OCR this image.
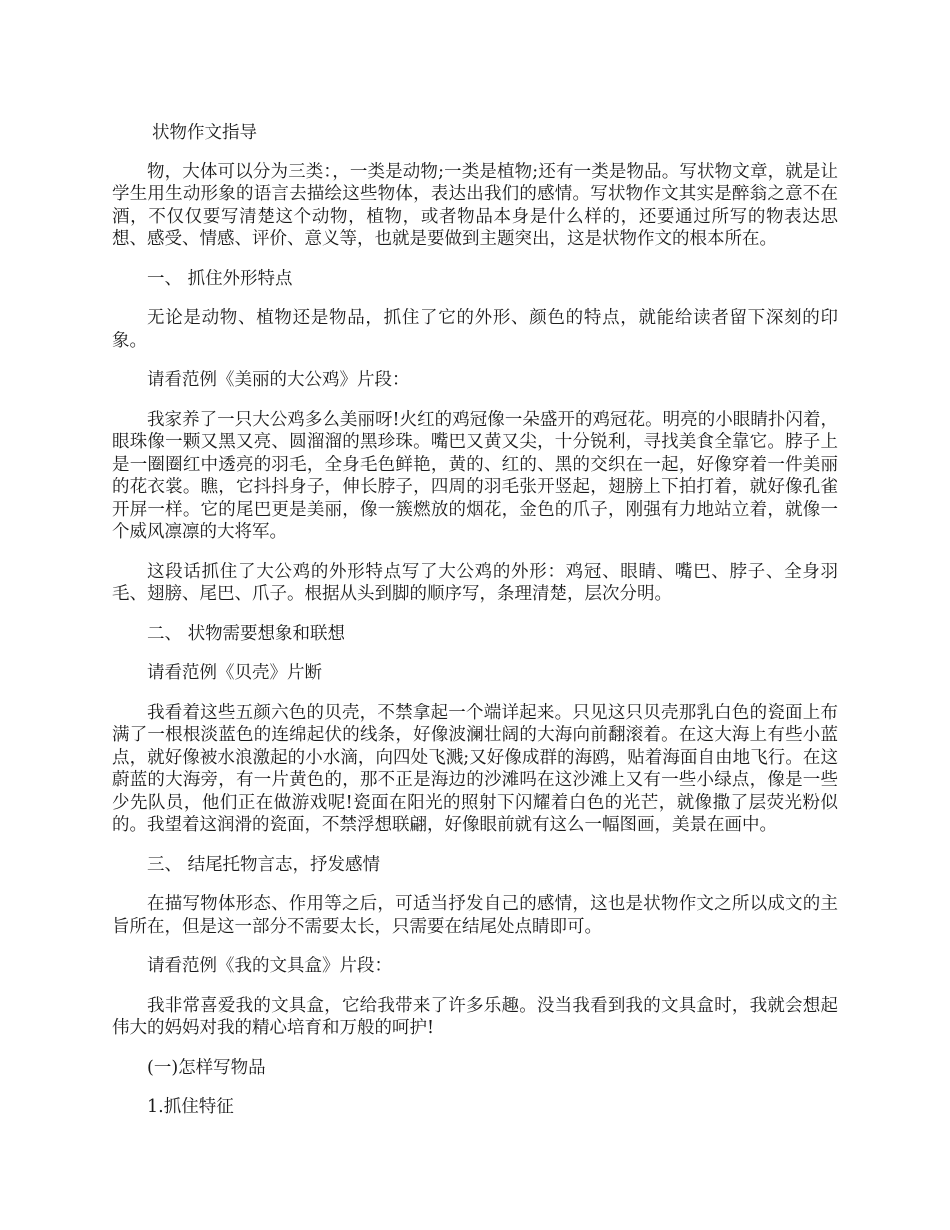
状物作文指导

物，大体可以分为三类：，一类是动物;一类是植物;还有一类是物品。写状物文章，就是让学生用生动形象的语言去描绘这些物体，表达出我们的感情。写状物作文其实是醉翁之意不在酒，不仅仅要写清楚这个动物，植物，或者物品本身是什么样的，还要通过所写的物表达思想、感受、情感、评价、意义等，也就是要做到主题突出，这是状物作文的根本所在。

一、 抓住外形特点

无论是动物、植物还是物品，抓住了它的外形、颜色的特点，就能给读者留下深刻的印象。

请看范例《美丽的大公鸡》片段：

我家养了一只大公鸡多么美丽呀!火红的鸡冠像一朵盛开的鸡冠花。明亮的小眼睛扑闪着，眼珠像一颗又黑又亮、圆溜溜的黑珍珠。嘴巴又黄又尖，十分锐利，寻找美食全靠它。脖子上是一圈圈红中透亮的羽毛，全身毛色鲜艳，黄的、红的、黑的交织在一起，好像穿着一件美丽的花衣裳。瞧，它抖抖身子，伸长脖子，四周的羽毛张开竖起，翅膀上下拍打着，就好像孔雀开屏一样。它的尾巴更是美丽，像一簇燃放的烟花，金色的爪子，刚强有力地站立着，就像一个威风凛凛的大将军。

这段话抓住了大公鸡的外形特点写了大公鸡的外形：鸡冠、眼睛、嘴巴、脖子、全身羽毛、翅膀、尾巴、爪子。根据从头到脚的顺序写，条理清楚，层次分明。

二、 状物需要想象和联想

请看范例《贝壳》片断

我看着这些五颜六色的贝壳，不禁拿起一个端详起来。只见这只贝壳那乳白色的瓷面上布满了一根根淡蓝色的连绵起伏的线条，好像波澜壮阔的大海向前翻滚着。在这大海上有些小蓝点，就好像被水浪激起的小水滴，向四处飞溅;又好像成群的海鸥，贴着海面自由地飞行。在这蔚蓝的大海旁，有一片黄色的，那不正是海边的沙滩吗在这沙滩上又有一些小绿点，像是一些少先队员，他们正在做游戏呢!瓷面在阳光的照射下闪耀着白色的光芒，就像撒了层荧光粉似的。我望着这润滑的瓷面，不禁浮想联翩，好像眼前就有这么一幅图画，美景在画中。

三、 结尾托物言志，抒发感情

在描写物体形态、作用等之后，可适当抒发自己的感情，这也是状物作文之所以成文的主旨所在，但是这一部分不需要太长，只需要在结尾处点睛即可。

请看范例《我的文具盒》片段：

我非常喜爱我的文具盒，它给我带来了许多乐趣。没当我看到我的文具盒时，我就会想起伟大的妈妈对我的精心培育和万般的呵护!

(一)怎样写物品

1.抓住特征
